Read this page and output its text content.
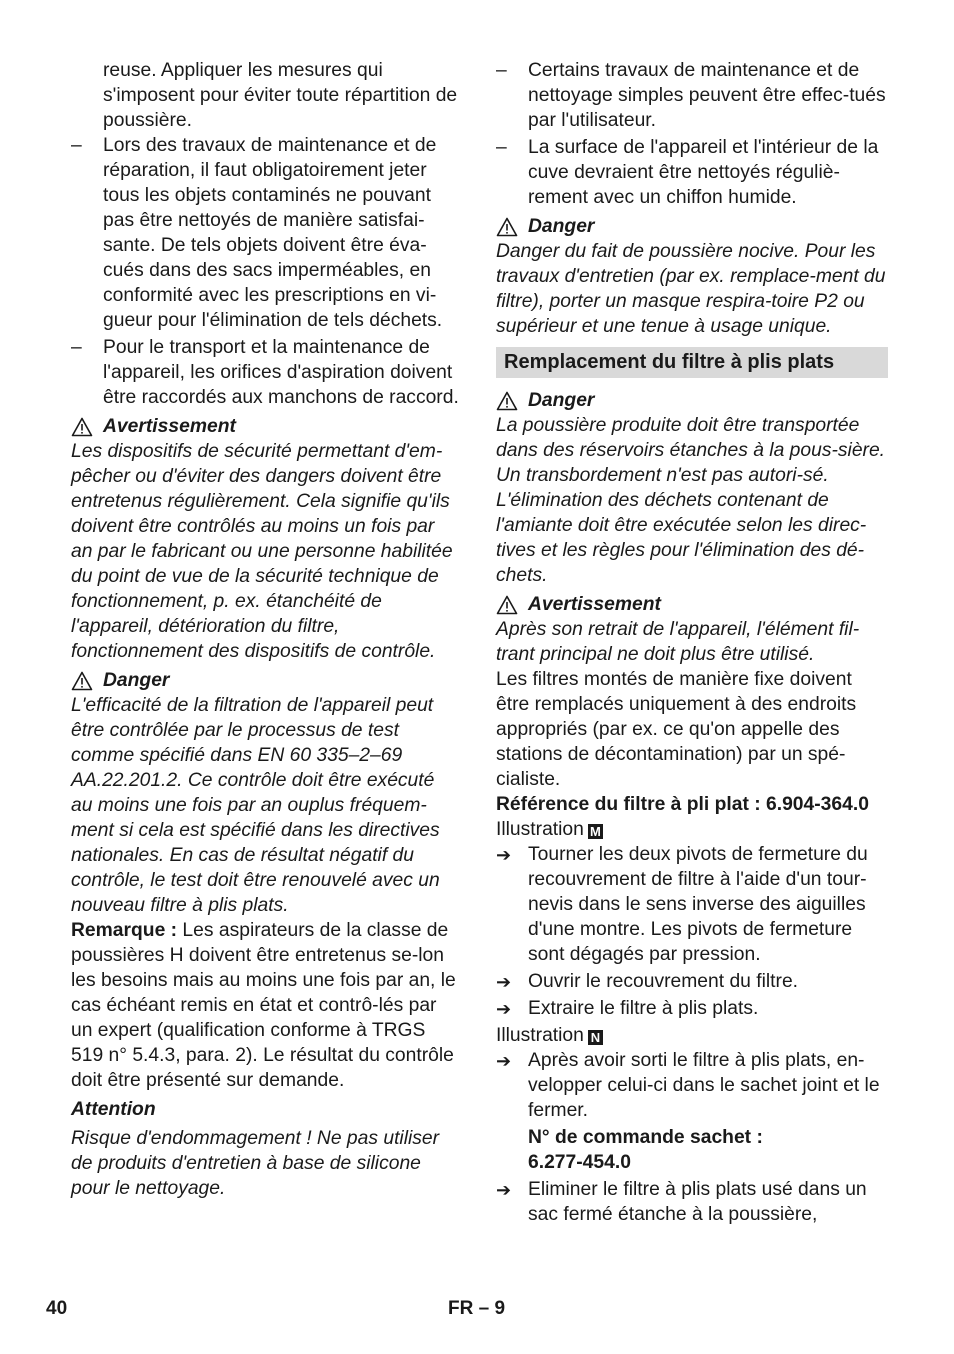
reuse. Appliquer les mesures qui s'imposent pour éviter toute répartition de poussière.

–	Lors des travaux de maintenance et de réparation, il faut obligatoirement jeter tous les objets contaminés ne pouvant pas être nettoyés de manière satisfai-sante. De tels objets doivent être éva-cués dans des sacs imperméables, en conformité avec les prescriptions en vi-gueur pour l'élimination de tels déchets.
–	Pour le transport et la maintenance de l'appareil, les orifices d'aspiration doivent être raccordés aux manchons de raccord.
Avertissement

Les dispositifs de sécurité permettant d'em-pêcher ou d'éviter des dangers doivent être entretenus régulièrement. Cela signifie qu'ils doivent être contrôlés au moins un fois par an par le fabricant ou une personne habilitée du point de vue de la sécurité technique de fonctionnement, p. ex. étanchéité de l'appareil, détérioration du filtre, fonctionnement des dispositifs de contrôle.

Danger

L'efficacité de la filtration de l'appareil peut être contrôlée par le processus de test comme spécifié dans EN 60 335–2–69 AA.22.201.2. Ce contrôle doit être exécuté au moins une fois par an ouplus fréquem-ment si cela est spécifié dans les directives nationales. En cas de résultat négatif du contrôle, le test doit être renouvelé avec un nouveau filtre à plis plats.

Remarque : Les aspirateurs de la classe de poussières H doivent être entretenus se-lon les besoins mais au moins une fois par an, le cas échéant remis en état et contrô-lés par un expert (qualification conforme à TRGS 519 n° 5.4.3, para. 2). Le résultat du contrôle doit être présenté sur demande.

Attention

Risque d'endommagement ! Ne pas utiliser de produits d'entretien à base de silicone pour le nettoyage.

–	Certains travaux de maintenance et de nettoyage simples peuvent être effec-tués par l'utilisateur.
–	La surface de l'appareil et l'intérieur de la cuve devraient être nettoyés réguliè-rement avec un chiffon humide.
Danger

Danger du fait de poussière nocive. Pour les travaux d'entretien (par ex. remplace-ment du filtre), porter un masque respira-toire P2 ou supérieur et une tenue à usage unique.

Remplacement du filtre à plis plats
Danger

La poussière produite doit être transportée dans des réservoirs étanches à la pous-sière. Un transbordement n'est pas autori-sé. L'élimination des déchets contenant de l'amiante doit être exécutée selon les direc-tives et les règles pour l'élimination des dé-chets.

Avertissement

Après son retrait de l'appareil, l'élément fil-trant principal ne doit plus être utilisé.

Les filtres montés de manière fixe doivent être remplacés uniquement à des endroits appropriés (par ex. ce qu'on appelle des stations de décontamination) par un spé-cialiste.

Référence du filtre à pli plat : 6.904-364.0

Illustration M

➔ Tourner les deux pivots de fermeture du recouvrement de filtre à l'aide d'un tour-nevis dans le sens inverse des aiguilles d'une montre. Les pivots de fermeture sont dégagés par pression.
➔ Ouvrir le recouvrement du filtre.
➔ Extraire le filtre à plis plats.

Illustration N

➔ Après avoir sorti le filtre à plis plats, en-velopper celui-ci dans le sachet joint et le fermer.

N° de commande sachet :

6.277-454.0

➔ Eliminer le filtre à plis plats usé dans un sac fermé étanche à la poussière,
40	FR – 9
